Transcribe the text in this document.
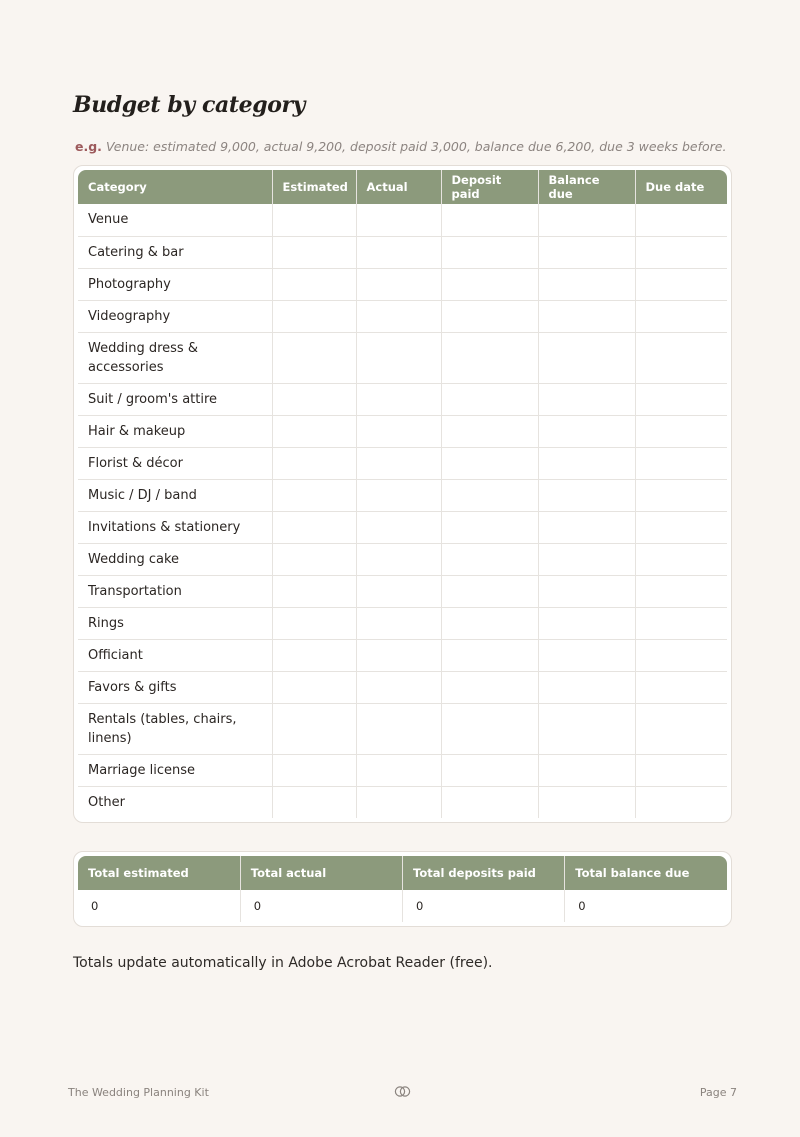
Budget by category
e.g. Venue: estimated 9,000, actual 9,200, deposit paid 3,000, balance due 6,200, due 3 weeks before.
Category	Estimated	Actual	Deposit paid	Balance due	Due date
Venue					
Catering & bar					
Photography					
Videography					
Wedding dress & accessories					
Suit / groom's attire					
Hair & makeup					
Florist & décor					
Music / DJ / band					
Invitations & stationery					
Wedding cake					
Transportation					
Rings					
Officiant					
Favors & gifts					
Rentals (tables, chairs, linens)					
Marriage license					
Other					
Total estimated	Total actual	Total deposits paid	Total balance due
0	0	0	0

Totals update automatically in Adobe Acrobat Reader (free).

The Wedding Planning Kit	Page 7
